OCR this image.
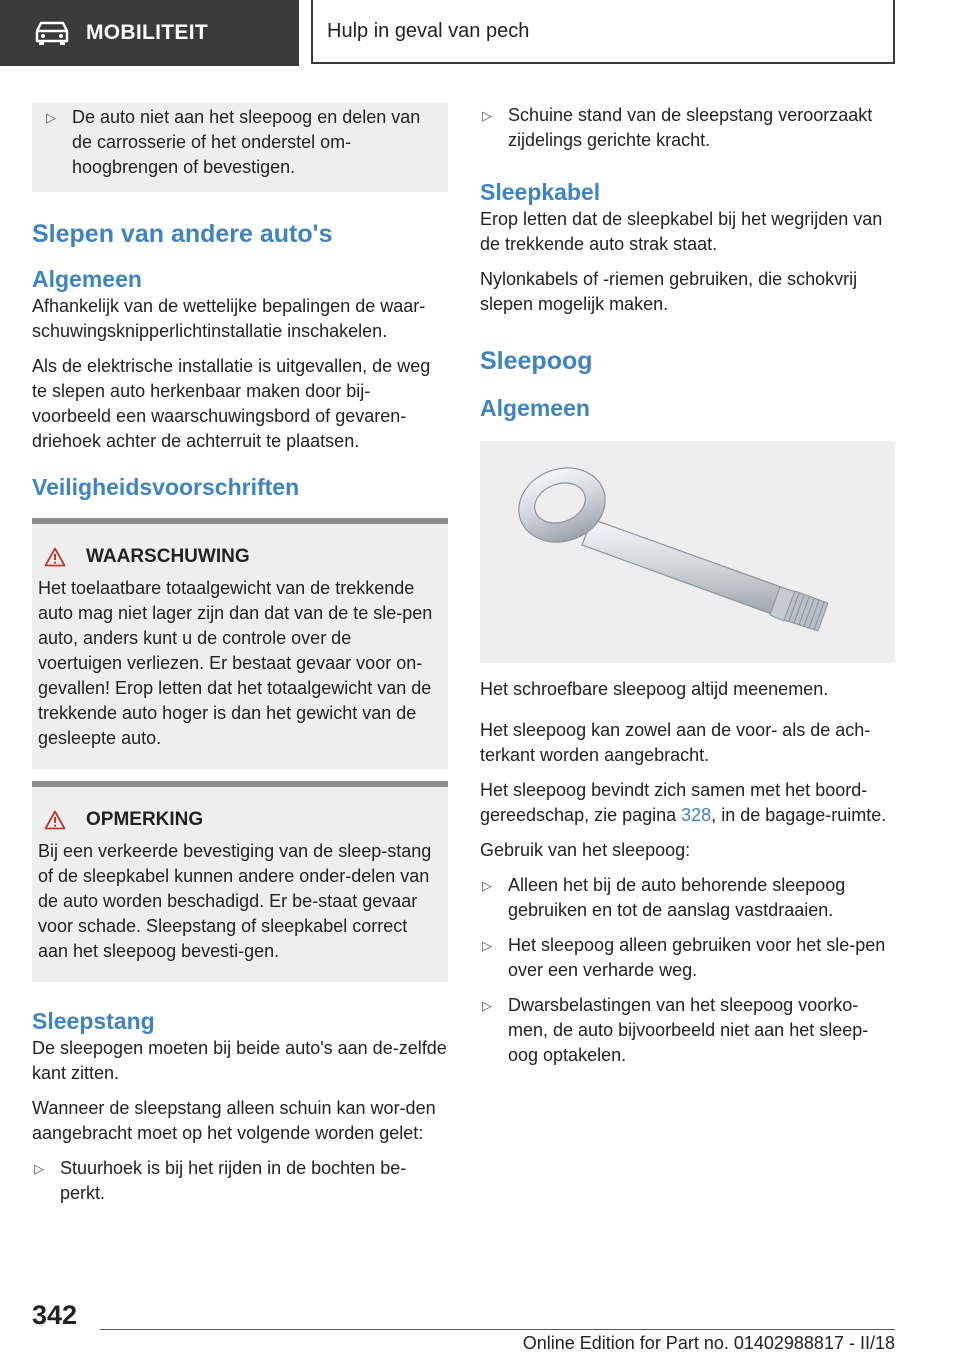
MOBILITEIT	Hulp in geval van pech
▷ De auto niet aan het sleepoog en delen van de carrosserie of het onderstel om-hoogbrengen of bevestigen.
Slepen van andere auto's
Algemeen

Afhankelijk van de wettelijke bepalingen de waar-schuwingsknipperlichtinstallatie inschakelen.

Als de elektrische installatie is uitgevallen, de weg te slepen auto herkenbaar maken door bij-voorbeeld een waarschuwingsbord of gevaren-driehoek achter de achterruit te plaatsen.

Veiligheidsvoorschriften
WAARSCHUWING

Het toelaatbare totaalgewicht van de trekkende auto mag niet lager zijn dan dat van de te sle-pen auto, anders kunt u de controle over de voertuigen verliezen. Er bestaat gevaar voor on-gevallen! Erop letten dat het totaalgewicht van de trekkende auto hoger is dan het gewicht van de gesleepte auto.

OPMERKING

Bij een verkeerde bevestiging van de sleep-stang of de sleepkabel kunnen andere onder-delen van de auto worden beschadigd. Er be-staat gevaar voor schade. Sleepstang of sleepkabel correct aan het sleepoog bevesti-gen.

Sleepstang

De sleepogen moeten bij beide auto's aan de-zelfde kant zitten.

Wanneer de sleepstang alleen schuin kan wor-den aangebracht moet op het volgende worden gelet:

▷ Stuurhoek is bij het rijden in de bochten be-perkt.
▷ Schuine stand van de sleepstang veroorzaakt zijdelings gerichte kracht.
Sleepkabel

Erop letten dat de sleepkabel bij het wegrijden van de trekkende auto strak staat.

Nylonkabels of -riemen gebruiken, die schokvrij slepen mogelijk maken.

Sleepoog
Algemeen

Het schroefbare sleepoog altijd meenemen.

Het sleepoog kan zowel aan de voor- als de ach-terkant worden aangebracht.

Het sleepoog bevindt zich samen met het boord-gereedschap, zie pagina 328, in de bagage-ruimte.

Gebruik van het sleepoog:

▷ Alleen het bij de auto behorende sleepoog gebruiken en tot de aanslag vastdraaien.
▷ Het sleepoog alleen gebruiken voor het sle-pen over een verharde weg.
▷ Dwarsbelastingen van het sleepoog voorko-men, de auto bijvoorbeeld niet aan het sleep-oog optakelen.
342
Online Edition for Part no. 01402988817 - II/18
